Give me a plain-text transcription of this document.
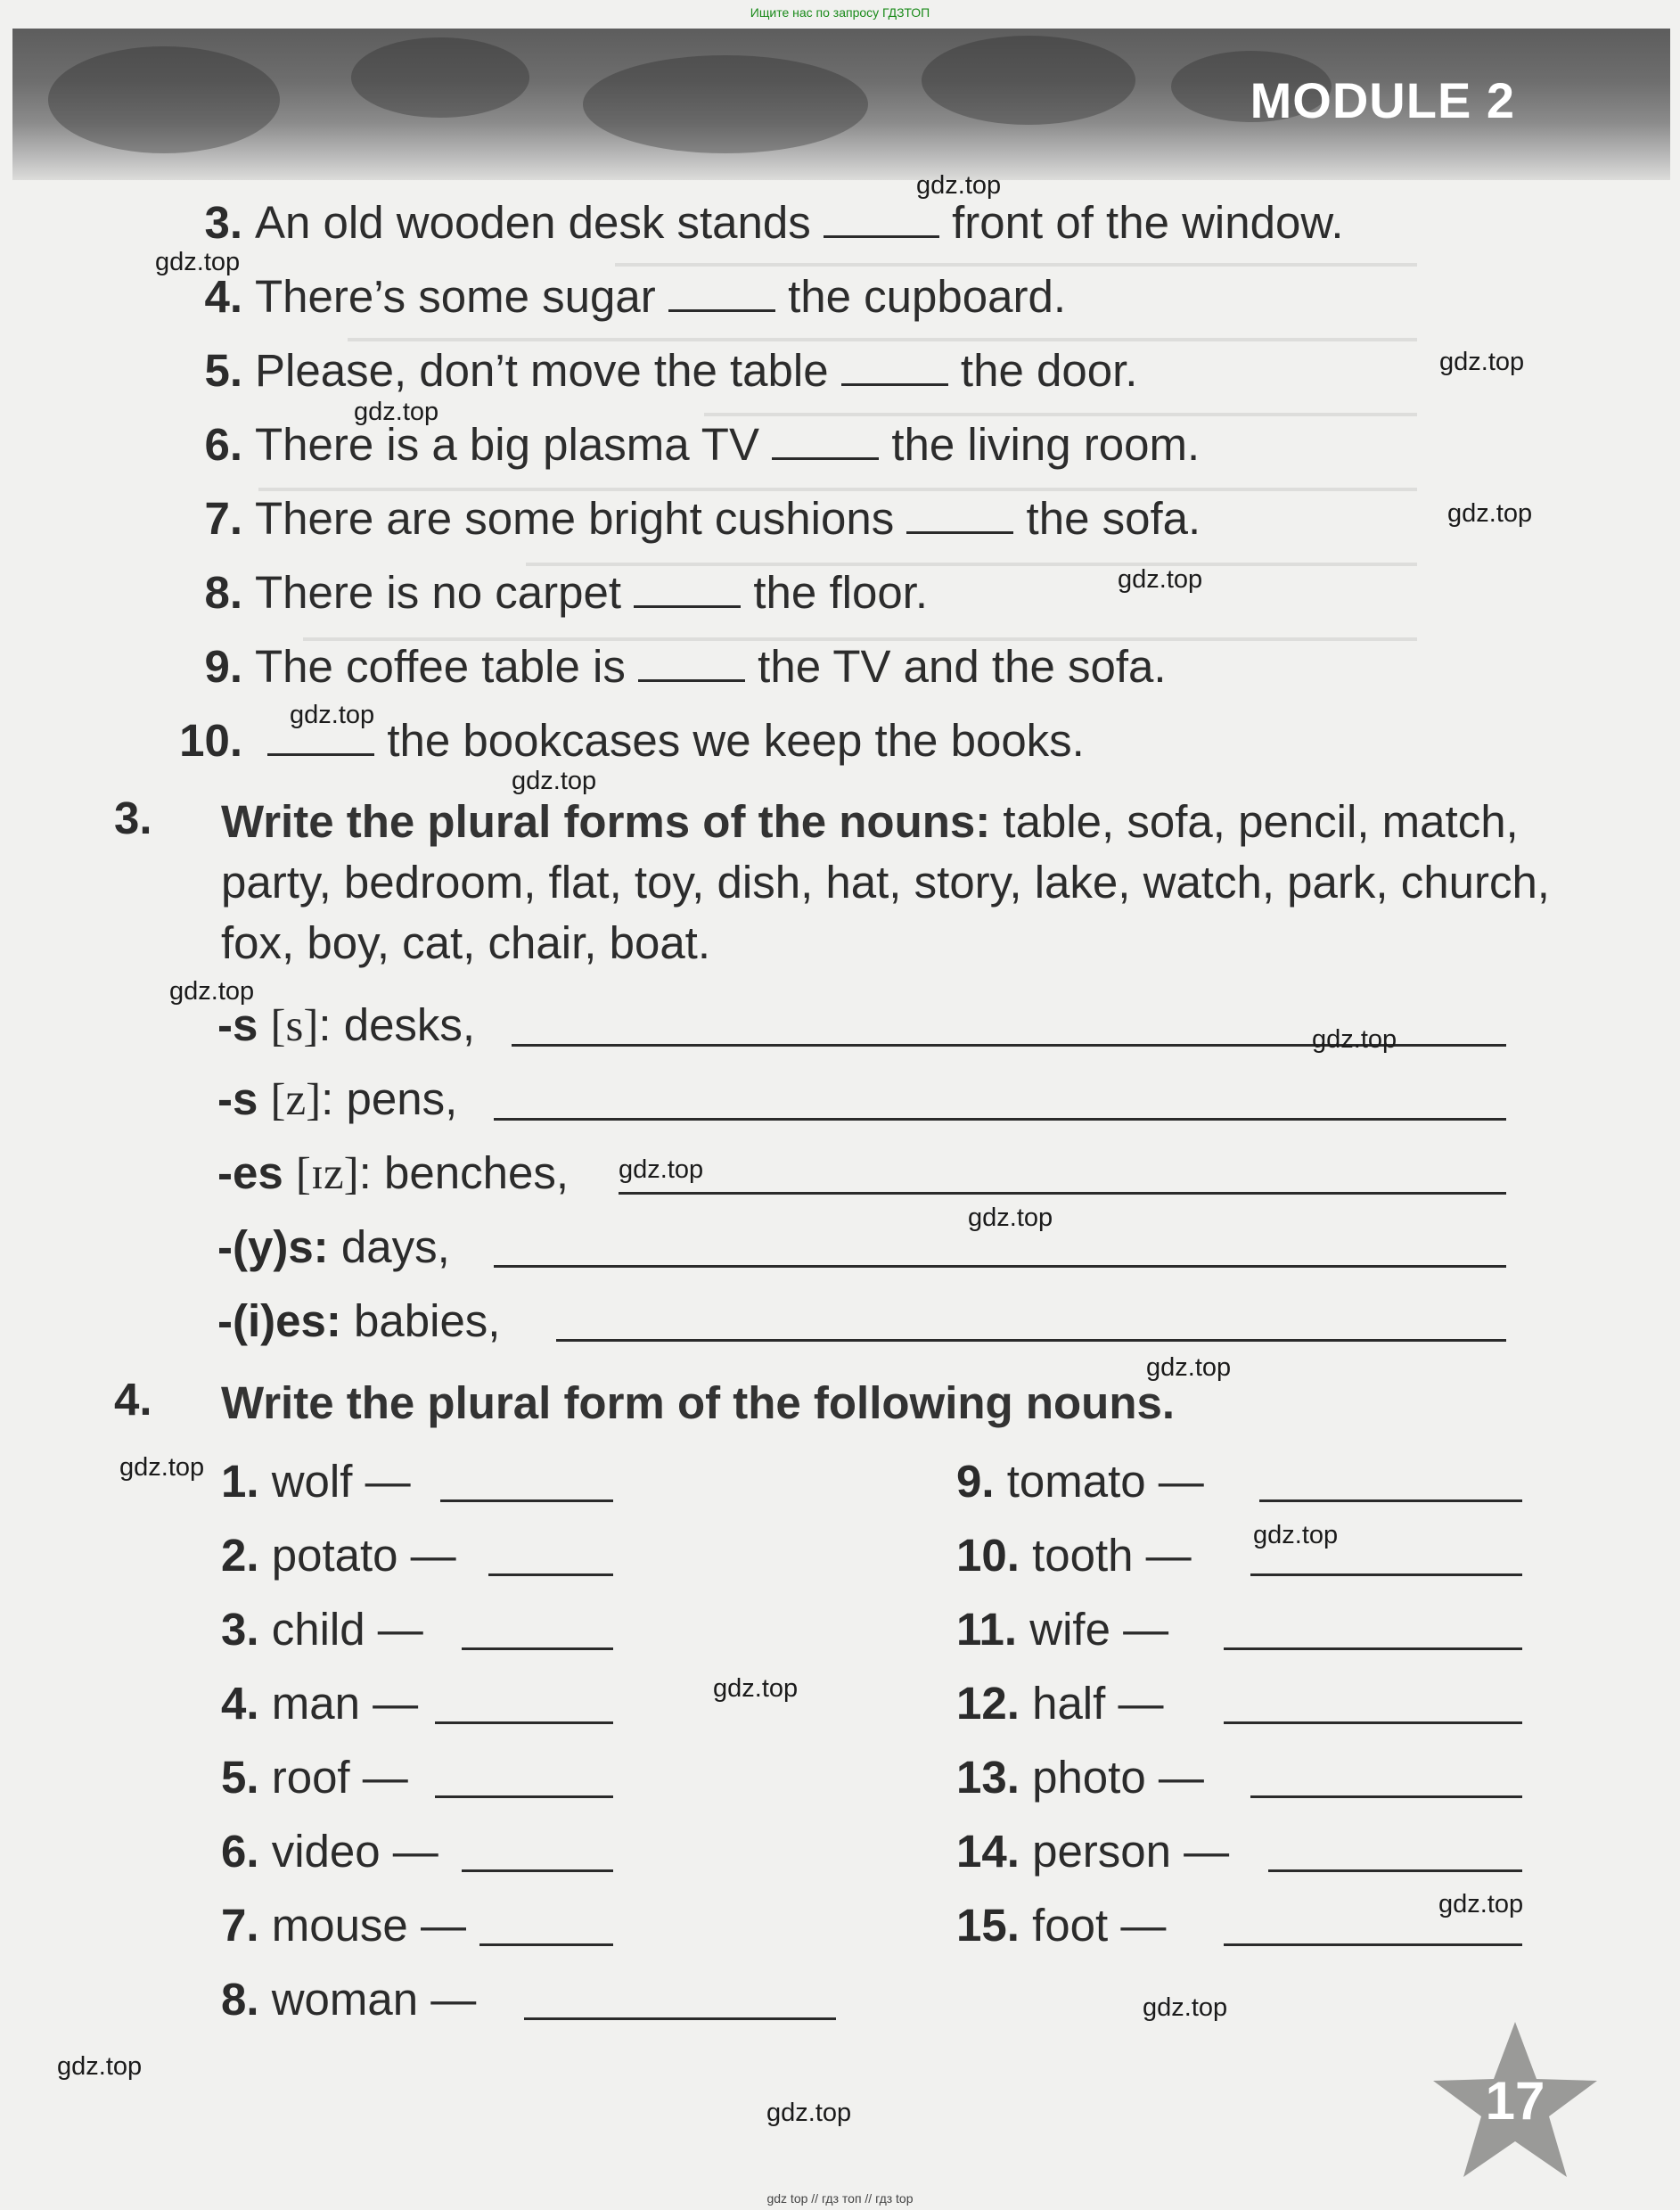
Ищите нас по запросу ГДЗТОП
MODULE 2
3. An old wooden desk stands	front of the window.
4. There’s some sugar	the cupboard.
5. Please, don’t move the table	the door.
6. There is a big plasma TV	the living room.
7. There are some bright cushions	the sofa.
8. There is no carpet	the floor.
9. The coffee table is	the TV and the sofa.
10.	the bookcases we keep the books.
3. Write the plural forms of the nouns: table, sofa, pencil, match, party, bedroom, flat, toy, dish, hat, story, lake, watch, park, church, fox, boy, cat, chair, boat.
-s [s]: desks,
-s [z]: pens,
-es [ɪz]: benches,
-(y)s: days,
-(i)es: babies,
4. Write the plural form of the following nouns.
1. wolf —
2. potato —
3. child —
4. man —
5. roof —
6. video —
7. mouse —
8. woman —
9. tomato —
10. tooth —
11. wife —
12. half —
13. photo —
14. person —
15. foot —
gdz.top
gdz.top
gdz.top
gdz.top
gdz.top
gdz.top
gdz.top
gdz.top
gdz.top
gdz.top
gdz.top
gdz.top
gdz.top
gdz.top
gdz.top
gdz.top
gdz.top
gdz.top
gdz.top
gdz.top	17
gdz top // гдз топ // гдз top
